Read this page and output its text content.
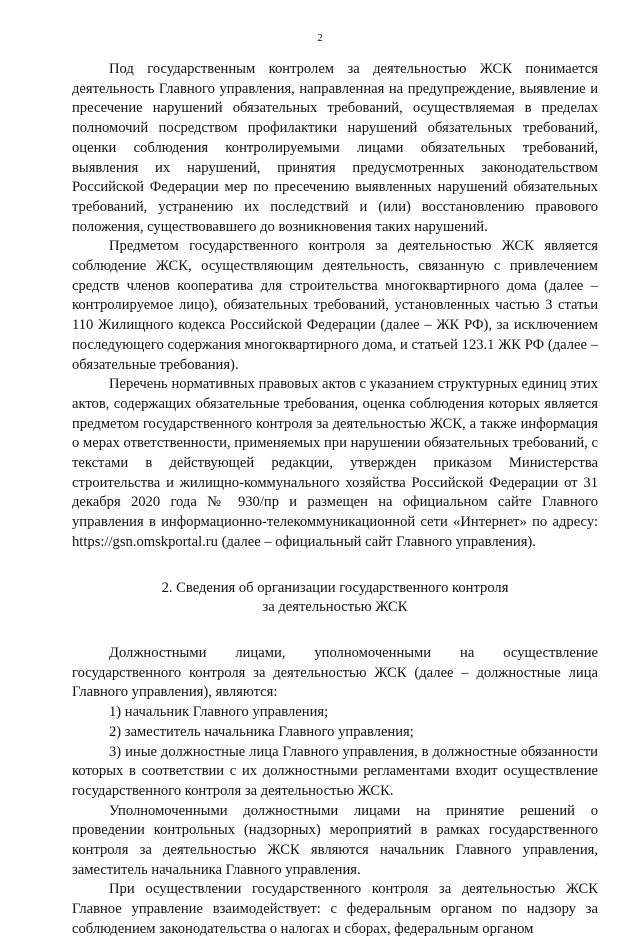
2

Под государственным контролем за деятельностью ЖСК понимается деятельность Главного управления, направленная на предупреждение, выявление и пресечение нарушений обязательных требований, осуществляемая в пределах полномочий посредством профилактики нарушений обязательных требований, оценки соблюдения контролируемыми лицами обязательных требований, выявления их нарушений, принятия предусмотренных законодательством Российской Федерации мер по пресечению выявленных нарушений обязательных требований, устранению их последствий и (или) восстановлению правового положения, существовавшего до возникновения таких нарушений.

Предметом государственного контроля за деятельностью ЖСК является соблюдение ЖСК, осуществляющим деятельность, связанную с привлечением средств членов кооператива для строительства многоквартирного дома (далее – контролируемое лицо), обязательных требований, установленных частью 3 статьи 110 Жилищного кодекса Российской Федерации (далее – ЖК РФ), за исключением последующего содержания многоквартирного дома, и статьей 123.1 ЖК РФ (далее – обязательные требования).

Перечень нормативных правовых актов с указанием структурных единиц этих актов, содержащих обязательные требования, оценка соблюдения которых является предметом государственного контроля за деятельностью ЖСК, а также информация о мерах ответственности, применяемых при нарушении обязательных требований, с текстами в действующей редакции, утвержден приказом Министерства строительства и жилищно-коммунального хозяйства Российской Федерации от 31 декабря 2020 года № 930/пр и размещен на официальном сайте Главного управления в информационно-телекоммуникационной сети «Интернет» по адресу: https://gsn.omskportal.ru (далее – официальный сайт Главного управления).

2. Сведения об организации государственного контроля
за деятельностью ЖСК

Должностными лицами, уполномоченными на осуществление государственного контроля за деятельностью ЖСК (далее – должностные лица Главного управления), являются:

1) начальник Главного управления;

2) заместитель начальника Главного управления;

3) иные должностные лица Главного управления, в должностные обязанности которых в соответствии с их должностными регламентами входит осуществление государственного контроля за деятельностью ЖСК.

Уполномоченными должностными лицами на принятие решений о проведении контрольных (надзорных) мероприятий в рамках государственного контроля за деятельностью ЖСК являются начальник Главного управления, заместитель начальника Главного управления.

При осуществлении государственного контроля за деятельностью ЖСК Главное управление взаимодействует: с федеральным органом по надзору за соблюдением законодательства о налогах и сборах, федеральным органом
